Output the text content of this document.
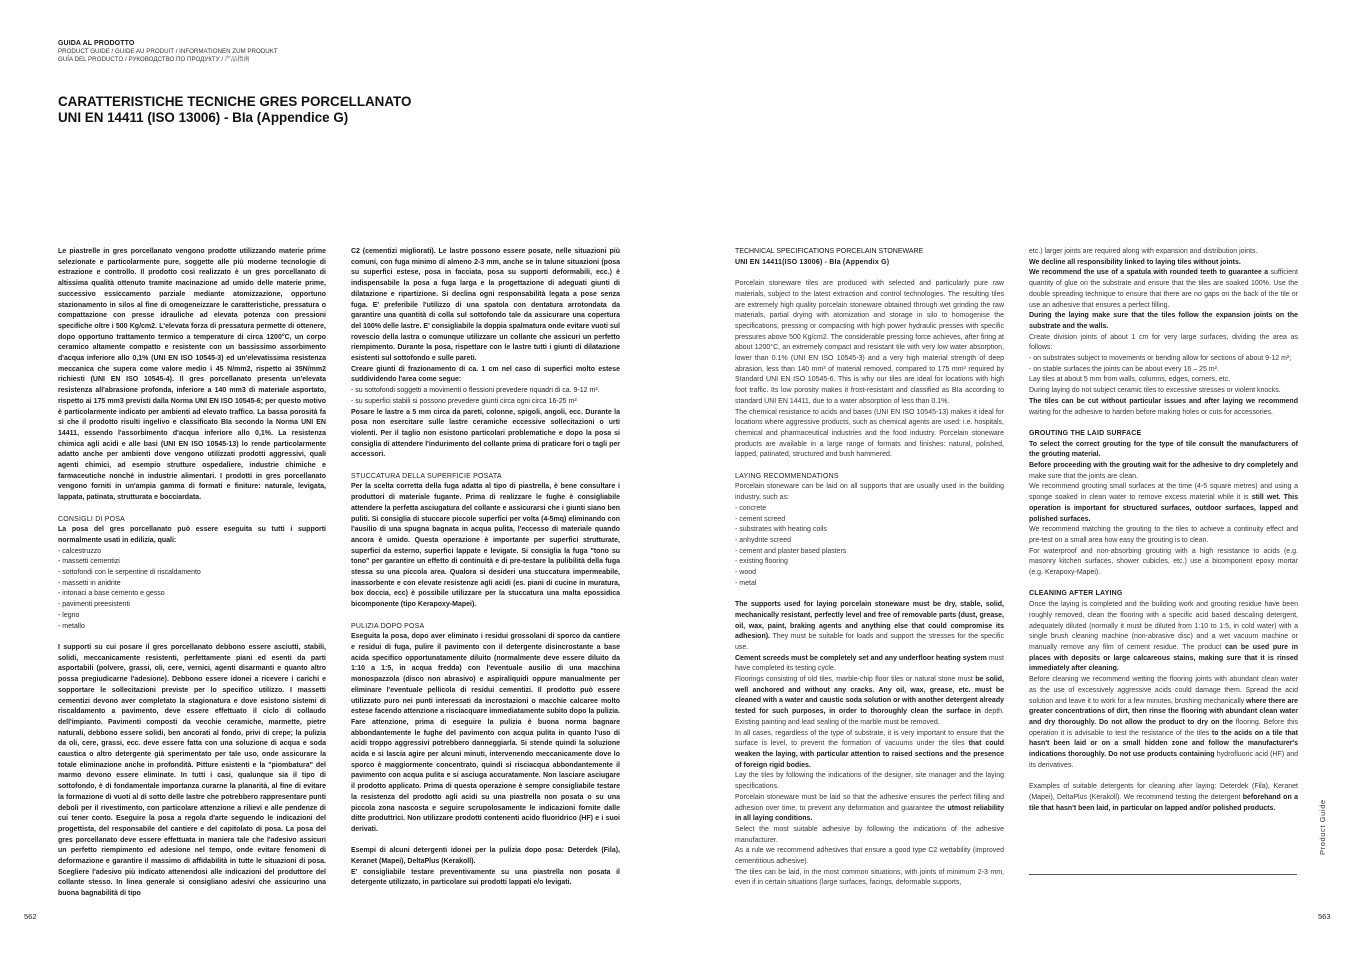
GUIDA AL PRODOTTO
PRODUCT GUIDE / GUIDE AU PRODUIT / INFORMATIONEN ZUM PRODUKT
GUÍA DEL PRODUCTO / РУКОВОДСТВО ПО ПРОДУКТУ / 产品指南
CARATTERISTICHE TECNICHE GRES PORCELLANATO
UNI EN 14411 (ISO 13006) - BIa (Appendice G)

Le piastrelle in gres porcellanato vengono prodotte utilizzando materie prime selezionate e particolarmente pure, soggette alle più moderne tecnologie di estrazione e controllo. Il prodotto così realizzato è un gres porcellanato di altissima qualità ottenuto tramite macinazione ad umido delle materie prime, successivo essiccamento parziale mediante atomizzazione, opportuno stazionamento in silos al fine di omogeneizzare le caratteristiche, pressatura o compattazione con presse idrauliche ad elevata potenza con pressioni specifiche oltre i 500 Kg/cm2. L'elevata forza di pressatura permette di ottenere, dopo opportuno trattamento termico a temperature di circa 1200°C, un corpo ceramico altamente compatto e resistente con un bassissimo assorbimento d'acqua inferiore allo 0,1% (UNI EN ISO 10545-3) ed un'elevatissima resistenza meccanica che supera come valore medio i 45 N/mm2, rispetto ai 35N/mm2 richiesti (UNI EN ISO 10545-4). Il gres porcellanato presenta un'elevata resistenza all'abrasione profonda, inferiore a 140 mm3 di materiale asportato, rispetto ai 175 mm3 previsti dalla Norma UNI EN ISO 10545-6; per questo motivo è particolarmente indicato per ambienti ad elevato traffico. La bassa porosità fa sì che il prodotto risulti ingelivo e classificato BIa secondo la Norma UNI EN 14411, essendo l'assorbimento d'acqua inferiore allo 0,1%. La resistenza chimica agli acidi e alle basi (UNI EN ISO 10545-13) lo rende particolarmente adatto anche per ambienti dove vengono utilizzati prodotti aggressivi, quali agenti chimici, ad esempio strutture ospedaliere, industrie chimiche e farmaceutiche nonché in industrie alimentari. I prodotti in gres porcellanato vengono forniti in un'ampia gamma di formati e finiture: naturale, levigata, lappata, patinata, strutturata e bocciardata.

CONSIGLI DI POSA

La posa del gres porcellanato può essere eseguita su tutti i supporti normalmente usati in edilizia, quali:

- calcestruzzo
- massetti cementizi
- sottofondi con le serpentine di riscaldamento
- massetti in anidrite
- intonaci a base cemento e gesso
- pavimenti preesistenti
- legno
- metallo

I supporti su cui posare il gres porcellanato debbono essere asciutti, stabili, solidi, meccanicamente resistenti, perfettamente piani ed esenti da parti asportabili (polvere, grassi, oli, cere, vernici, agenti disarmanti e quanto altro possa pregiudicarne l'adesione). Debbono essere idonei a ricevere i carichi e sopportare le sollecitazioni previste per lo specifico utilizzo. I massetti cementizi devono aver completato la stagionatura e dove esistono sistemi di riscaldamento a pavimento, deve essere effettuato il ciclo di collaudo dell'impianto. Pavimenti composti da vecchie ceramiche, marmette, pietre naturali, debbono essere solidi, ben ancorati al fondo, privi di crepe; la pulizia da oli, cere, grassi, ecc. deve essere fatta con una soluzione di acqua e soda caustica o altro detergente già sperimentato per tale uso, onde assicurare la totale eliminazione anche in profondità. Pitture esistenti e la "piombatura" del marmo devono essere eliminate. In tutti i casi, qualunque sia il tipo di sottofondo, è di fondamentale importanza curarne la planarità, al fine di evitare la formazione di vuoti al di sotto delle lastre che potrebbero rappresentare punti deboli per il rivestimento, con particolare attenzione a rilievi e alle pendenze di cui tener conto. Eseguire la posa a regola d'arte seguendo le indicazioni del progettista, del responsabile del cantiere e del capitolato di posa. La posa del gres porcellanato deve essere effettuata in maniera tale che l'adesivo assicuri un perfetto riempimento ed adesione nel tempo, onde evitare fenomeni di deformazione e garantire il massimo di affidabilità in tutte le situazioni di posa. Scegliere l'adesivo più indicato attenendosi alle indicazioni del produttore del collante stesso. In linea generale si consigliano adesivi che assicurino una buona bagnabilità di tipo

C2 (cementizi migliorati). Le lastre possono essere posate, nelle situazioni più comuni, con fuga minimo di almeno 2-3 mm, anche se in talune situazioni (posa su superfici estese, posa in facciata, posa su supporti deformabili, ecc.) è indispensabile la posa a fuga larga e la progettazione di adeguati giunti di dilatazione e ripartizione. Si declina ogni responsabilità legata a pose senza fuga. E' preferibile l'utilizzo di una spatola con dentatura arrotondata da garantire una quantità di colla sul sottofondo tale da assicurare una copertura del 100% delle lastre. E' consigliabile la doppia spalmatura onde evitare vuoti sul rovescio della lastra o comunque utilizzare un collante che assicuri un perfetto riempimento. Durante la posa, rispettare con le lastre tutti i giunti di dilatazione esistenti sul sottofondo e sulle pareti.

Creare giunti di frazionamento di ca. 1 cm nel caso di superfici molto estese suddividendo l'area come segue:

- su sottofondi soggetti a movimenti o flessioni prevedere riquadri di ca. 9-12 m².
- su superfici stabili si possono prevedere giunti circa ogni circa 16-25 m²

Posare le lastre a 5 mm circa da pareti, colonne, spigoli, angoli, ecc. Durante la posa non esercitare sulle lastre ceramiche eccessive sollecitazioni o urti violenti. Per il taglio non esistono particolari problematiche e dopo la posa si consiglia di attendere l'indurimento del collante prima di praticare fori o tagli per accessori.

STUCCATURA DELLA SUPERFICIE POSATA

Per la scelta corretta della fuga adatta al tipo di piastrella, è bene consultare i produttori di materiale fugante. Prima di realizzare le fughe è consigliabile attendere la perfetta asciugatura del collante e assicurarsi che i giunti siano ben puliti. Si consiglia di stuccare piccole superfici per volta (4-5mq) eliminando con l'ausilio di una spugna bagnata in acqua pulita, l'eccesso di materiale quando ancora è umido. Questa operazione è importante per superfici strutturate, superfici da esterno, superfici lappate e levigate. Si consiglia la fuga "tono su tono" per garantire un effetto di continuità e di pre-testare la pulibilità della fuga stessa su una piccola area. Qualora si desideri una stuccatura impermeabile, inassorbente e con elevate resistenze agli acidi (es. piani di cucine in muratura, box doccia, ecc) è possibile utilizzare per la stuccatura una malta epossidica bicomponente (tipo Kerapoxy-Mapei).

PULIZIA DOPO POSA

Eseguita la posa, dopo aver eliminato i residui grossolani di sporco da cantiere e residui di fuga, pulire il pavimento con il detergente disincrostante a base acida specifico opportunatamente diluito (normalmente deve essere diluito da 1:10 a 1:5, in acqua fredda) con l'eventuale ausilio di una macchina monospazzola (disco non abrasivo) e aspiraliquidi oppure manualmente per eliminare l'eventuale pellicola di residui cementizi. Il prodotto può essere utilizzato puro nei punti interessati da incrostazioni o macchie calcaree molto estese facendo attenzione a risciacquare immediatamente subito dopo la pulizia. Fare attenzione, prima di eseguire la pulizia è buona norma bagnare abbondantemente le fughe del pavimento con acqua pulita in quanto l'uso di acidi troppo aggressivi potrebbero danneggiarla. Si stende quindi la soluzione acida e si lascia agire per alcuni minuti, intervenendo meccanicamente dove lo sporco è maggiormente concentrato, quindi si risciacqua abbondantemente il pavimento con acqua pulita e si asciuga accuratamente. Non lasciare asciugare il prodotto applicato. Prima di questa operazione è sempre consigliabile testare la resistenza del prodotto agli acidi su una piastrella non posata o su una piccola zona nascosta e seguire scrupolosamente le indicazioni fornite dalle ditte produttrici. Non utilizzare prodotti contenenti acido fluoridrico (HF) e i suoi derivati.

Esempi di alcuni detergenti idonei per la pulizia dopo posa: Deterdek (Fila), Keranet (Mapei), DeltaPlus (Kerakoll).

E' consigliabile testare preventivamente su una piastrella non posata il detergente utilizzato, in particolare sui prodotti lappati e/o levigati.

562
TECHNICAL SPECIFICATIONS PORCELAIN STONEWARE
UNI EN 14411(ISO 13006) - BIa (Appendix G)

Porcelain stoneware tiles are produced with selected and particularly pure raw materials, subject to the latest extraction and control technologies. The resulting tiles are extremely high quality porcelain stoneware obtained through wet grinding the raw materials, partial drying with atomization and storage in silo to homogenise the specifications, pressing or compacting with high power hydraulic presses with specific pressures above 500 Kg/cm2. The considerable pressing force achieves, after firing at about 1200°C, an extremely compact and resistant tile with very low water absorption, lower than 0.1% (UNI EN ISO 10545-3) and a very high material strength of deep abrasion, less than 140 mm³ of material removed, compared to 175 mm³ required by Standard UNI EN ISO 10545-6. This is why our tiles are ideal for locations with high foot traffic. Its low porosity makes it frost-resistant and classified as BIa according to standard UNI EN 14411, due to a water absorption of less than 0.1%.

The chemical resistance to acids and bases (UNI EN ISO 10545-13) makes it ideal for locations where aggressive products, such as chemical agents are used: i.e. hospitals, chemical and pharmaceutical industries and the food industry. Porcelain stoneware products are available in a large range of formats and finishes: natural, polished, lapped, patinated, structured and bush hammered.

LAYING RECOMMENDATIONS

Porcelain stoneware can be laid on all supports that are usually used in the building industry, such as:

- concrete
- cement screed
- substrates with heating coils
- anhydrite screed
- cement and plaster based plasters
- existing flooring
- wood
- metal

The supports used for laying porcelain stoneware must be dry, stable, solid, mechanically resistant, perfectly level and free of removable parts (dust, grease, oil, wax, paint, braking agents and anything else that could compromise its adhesion). They must be suitable for loads and support the stresses for the specific use.

Cement screeds must be completely set and any underfloor heating system must have completed its testing cycle.

Floorings consisting of old tiles, marble-chip floor tiles or natural stone must be solid, well anchored and without any cracks. Any oil, wax, grease, etc. must be cleaned with a water and caustic soda solution or with another detergent already tested for such purposes, in order to thoroughly clean the surface in depth. Existing painting and lead sealing of the marble must be removed.

In all cases, regardless of the type of substrate, it is very important to ensure that the surface is level, to prevent the formation of vacuums under the tiles that could weaken the laying, with particular attention to raised sections and the presence of foreign rigid bodies.

Lay the tiles by following the indications of the designer, site manager and the laying specifications.

Porcelain stoneware must be laid so that the adhesive ensures the perfect filling and adhesion over time, to prevent any deformation and guarantee the utmost reliability in all laying conditions.

Select the most suitable adhesive by following the indications of the adhesive manufacturer.

As a rule we recommend adhesives that ensure a good type C2 wettability (improved cementitious adhesive).

The tiles can be laid, in the most common situations, with joints of minimum 2-3 mm, even if in certain situations (large surfaces, facings, deformable supports,

etc.) larger joints are required along with expansion and distribution joints.

We decline all responsibility linked to laying tiles without joints.

We recommend the use of a spatula with rounded teeth to guarantee a sufficient quantity of glue on the substrate and ensure that the tiles are soaked 100%. Use the double spreading technique to ensure that there are no gaps on the back of the tile or use an adhesive that ensures a perfect filling.

During the laying make sure that the tiles follow the expansion joints on the substrate and the walls.

Create division joints of about 1 cm for very large surfaces, dividing the area as follows:

- on substrates subject to movements or bending allow for sections of about 9-12 m²;
- on stable surfaces the joints can be about every 16 – 25 m².

Lay tiles at about 5 mm from walls, columns, edges, corners, etc.

During laying do not subject ceramic tiles to excessive stresses or violent knocks.

The tiles can be cut without particular issues and after laying we recommend waiting for the adhesive to harden before making holes or cuts for accessories.

GROUTING THE LAID SURFACE

To select the correct grouting for the type of tile consult the manufacturers of the grouting material.

Before proceeding with the grouting wait for the adhesive to dry completely and make sure that the joints are clean.

We recommend grouting small surfaces at the time (4-5 square metres) and using a sponge soaked in clean water to remove excess material while it is still wet. This operation is important for structured surfaces, outdoor surfaces, lapped and polished surfaces.

We recommend matching the grouting to the tiles to achieve a continuity effect and pre-test on a small area how easy the grouting is to clean.

For waterproof and non-absorbing grouting with a high resistance to acids (e.g. masonry kitchen surfaces, shower cubicles, etc.) use a bicomponent epoxy mortar (e.g. Kerapoxy-Mapei).

CLEANING AFTER LAYING

Once the laying is completed and the building work and grouting residue have been roughly removed, clean the flooring with a specific acid based descaling detergent, adequately diluted (normally it must be diluted from 1:10 to 1:5, in cold water) with a single brush cleaning machine (non-abrasive disc) and a wet vacuum machine or manually remove any film of cement residue. The product can be used pure in places with deposits or large calcareous stains, making sure that it is rinsed immediately after cleaning.

Before cleaning we recommend wetting the flooring joints with abundant clean water as the use of excessively aggressive acids could damage them. Spread the acid solution and leave it to work for a few minutes, brushing mechanically where there are greater concentrations of dirt, then rinse the flooring with abundant clean water and dry thoroughly. Do not allow the product to dry on the flooring. Before this operation it is advisable to test the resistance of the tiles to the acids on a tile that hasn't been laid or on a small hidden zone and follow the manufacturer's indications thoroughly. Do not use products containing hydrofluoric acid (HF) and its derivatives.

Examples of suitable detergents for cleaning after laying: Deterdek (Fila), Keranet (Mapei), DeltaPlus (Kerakoll). We recommend testing the detergent beforehand on a tile that hasn't been laid, in particular on lapped and/or polished products.	Product Guide
563
